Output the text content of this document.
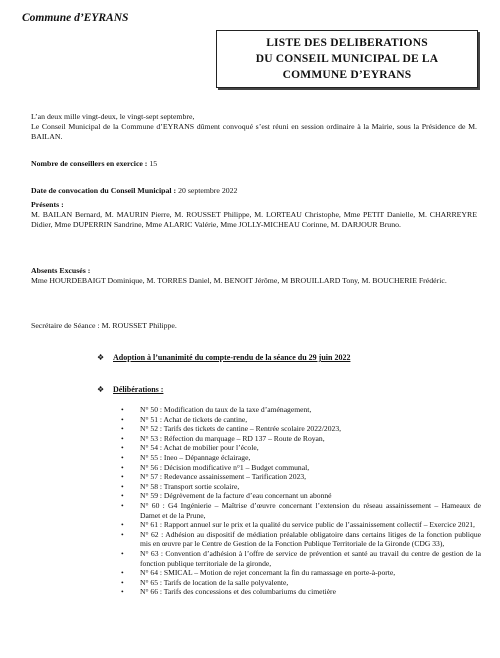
Commune d’EYRANS
LISTE DES DELIBERATIONS
DU CONSEIL MUNICIPAL DE LA
COMMUNE D’EYRANS
L’an deux mille vingt-deux, le vingt-sept septembre,
Le Conseil Municipal de la Commune d’EYRANS dûment convoqué s’est réuni en session ordinaire à la Mairie, sous la Présidence de M. BAILAN.
Nombre de conseillers en exercice : 15
Date de convocation du Conseil Municipal : 20 septembre 2022
Présents :
M. BAILAN Bernard, M. MAURIN Pierre, M. ROUSSET Philippe, M. LORTEAU Christophe, Mme PETIT Danielle, M. CHARREYRE Didier, Mme DUPERRIN Sandrine, Mme ALARIC Valérie, Mme JOLLY-MICHEAU Corinne, M. DARJOUR Bruno.
Absents Excusés :
Mme HOURDEBAIGT Dominique, M. TORRES Daniel, M. BENOIT Jérôme, M BROUILLARD Tony, M. BOUCHERIE Frédéric.
Secrétaire de Séance : M. ROUSSET Philippe.
❖ Adoption à l’unanimité du compte-rendu de la séance du 29 juin 2022
❖ Délibérations :
• N° 50 : Modification du taux de la taxe d’aménagement,
• N° 51 : Achat de tickets de cantine,
• N° 52 : Tarifs des tickets de cantine – Rentrée scolaire 2022/2023,
• N° 53 : Réfection du marquage – RD 137 – Route de Royan,
• N° 54 : Achat de mobilier pour l’école,
• N° 55 : Ineo – Dépannage éclairage,
• N° 56 : Décision modificative n°1 – Budget communal,
• N° 57 : Redevance assainissement – Tarification 2023,
• N° 58 : Transport sortie scolaire,
• N° 59 : Dégrèvement de la facture d’eau concernant un abonné
• N° 60 : G4 Ingénierie – Maîtrise d’œuvre concernant l’extension du réseau assainissement – Hameaux de Damet et de la Prune,
• N° 61 : Rapport annuel sur le prix et la qualité du service public de l’assainissement collectif – Exercice 2021,
• N° 62 : Adhésion au dispositif de médiation préalable obligatoire dans certains litiges de la fonction publique mis en œuvre par le Centre de Gestion de la Fonction Publique Territoriale de la Gironde (CDG 33),
• N° 63 : Convention d’adhésion à l’offre de service de prévention et santé au travail du centre de gestion de la fonction publique territoriale de la gironde,
• N° 64 : SMICAL – Motion de rejet concernant la fin du ramassage en porte-à-porte,
• N° 65 : Tarifs de location de la salle polyvalente,
• N° 66 : Tarifs des concessions et des columbariums du cimetière
